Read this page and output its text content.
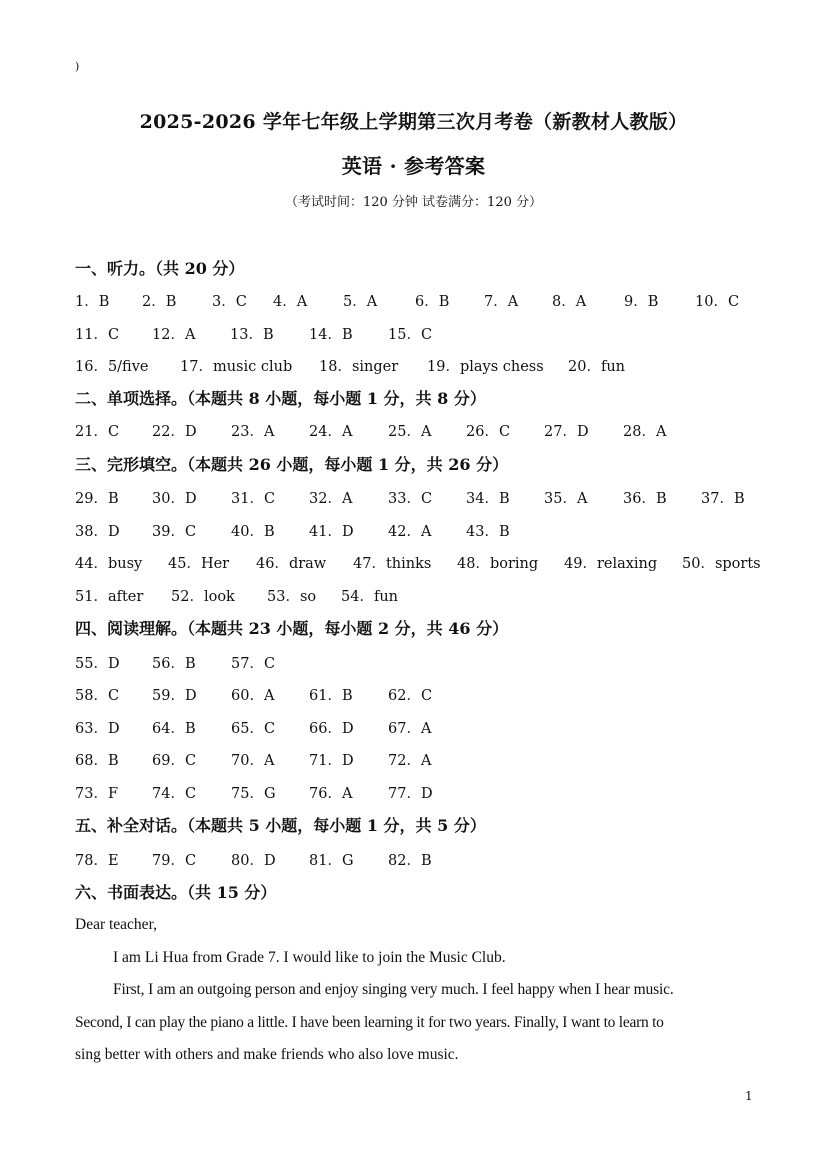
)
2025-2026 学年七年级上学期第三次月考卷（新教材人教版）
英语 · 参考答案
（考试时间：120 分钟 试卷满分：120 分）
一、听力。（共 20 分）
1．B 2．B 3．C 4．A 5．A	6．B 7．A 8．A	9．B	10．C
11．C 12．A 13．B 14．B 15．C
16．5/five 17．music club 18．singer 19．plays chess 20．fun
二、单项选择。（本题共 8 小题，每小题 1 分，共 8 分）
21．C 22．D 23．A 24．A 25．A 26．C 27．D 28．A
三、完形填空。（本题共 26 小题，每小题 1 分，共 26 分）
29．B 30．D 31．C 32．A 33．C 34．B 35．A 36．B 37．B
38．D 39．C 40．B 41．D 42．A 43．B
44．busy 45．Her 46．draw 47．thinks 48．boring 49．relaxing 50．sports
51．after 52．look 53．so 54．fun
四、阅读理解。（本题共 23 小题，每小题 2 分，共 46 分）
55．D 56．B 57．C
58．C 59．D 60．A 61．B 62．C
63．D 64．B 65．C 66．D 67．A
68．B 69．C 70．A 71．D 72．A
73．F 74．C 75．G 76．A 77．D
五、补全对话。（本题共 5 小题，每小题 1 分，共 5 分）
78．E 79．C 80．D 81．G 82．B
六、书面表达。（共 15 分）
Dear teacher,
I am Li Hua from Grade 7. I would like to join the Music Club.
First, I am an outgoing person and enjoy singing very much. I feel happy when I hear music.
Second, I can play the piano a little. I have been learning it for two years. Finally, I want to learn to
sing better with others and make friends who also love music.
1
